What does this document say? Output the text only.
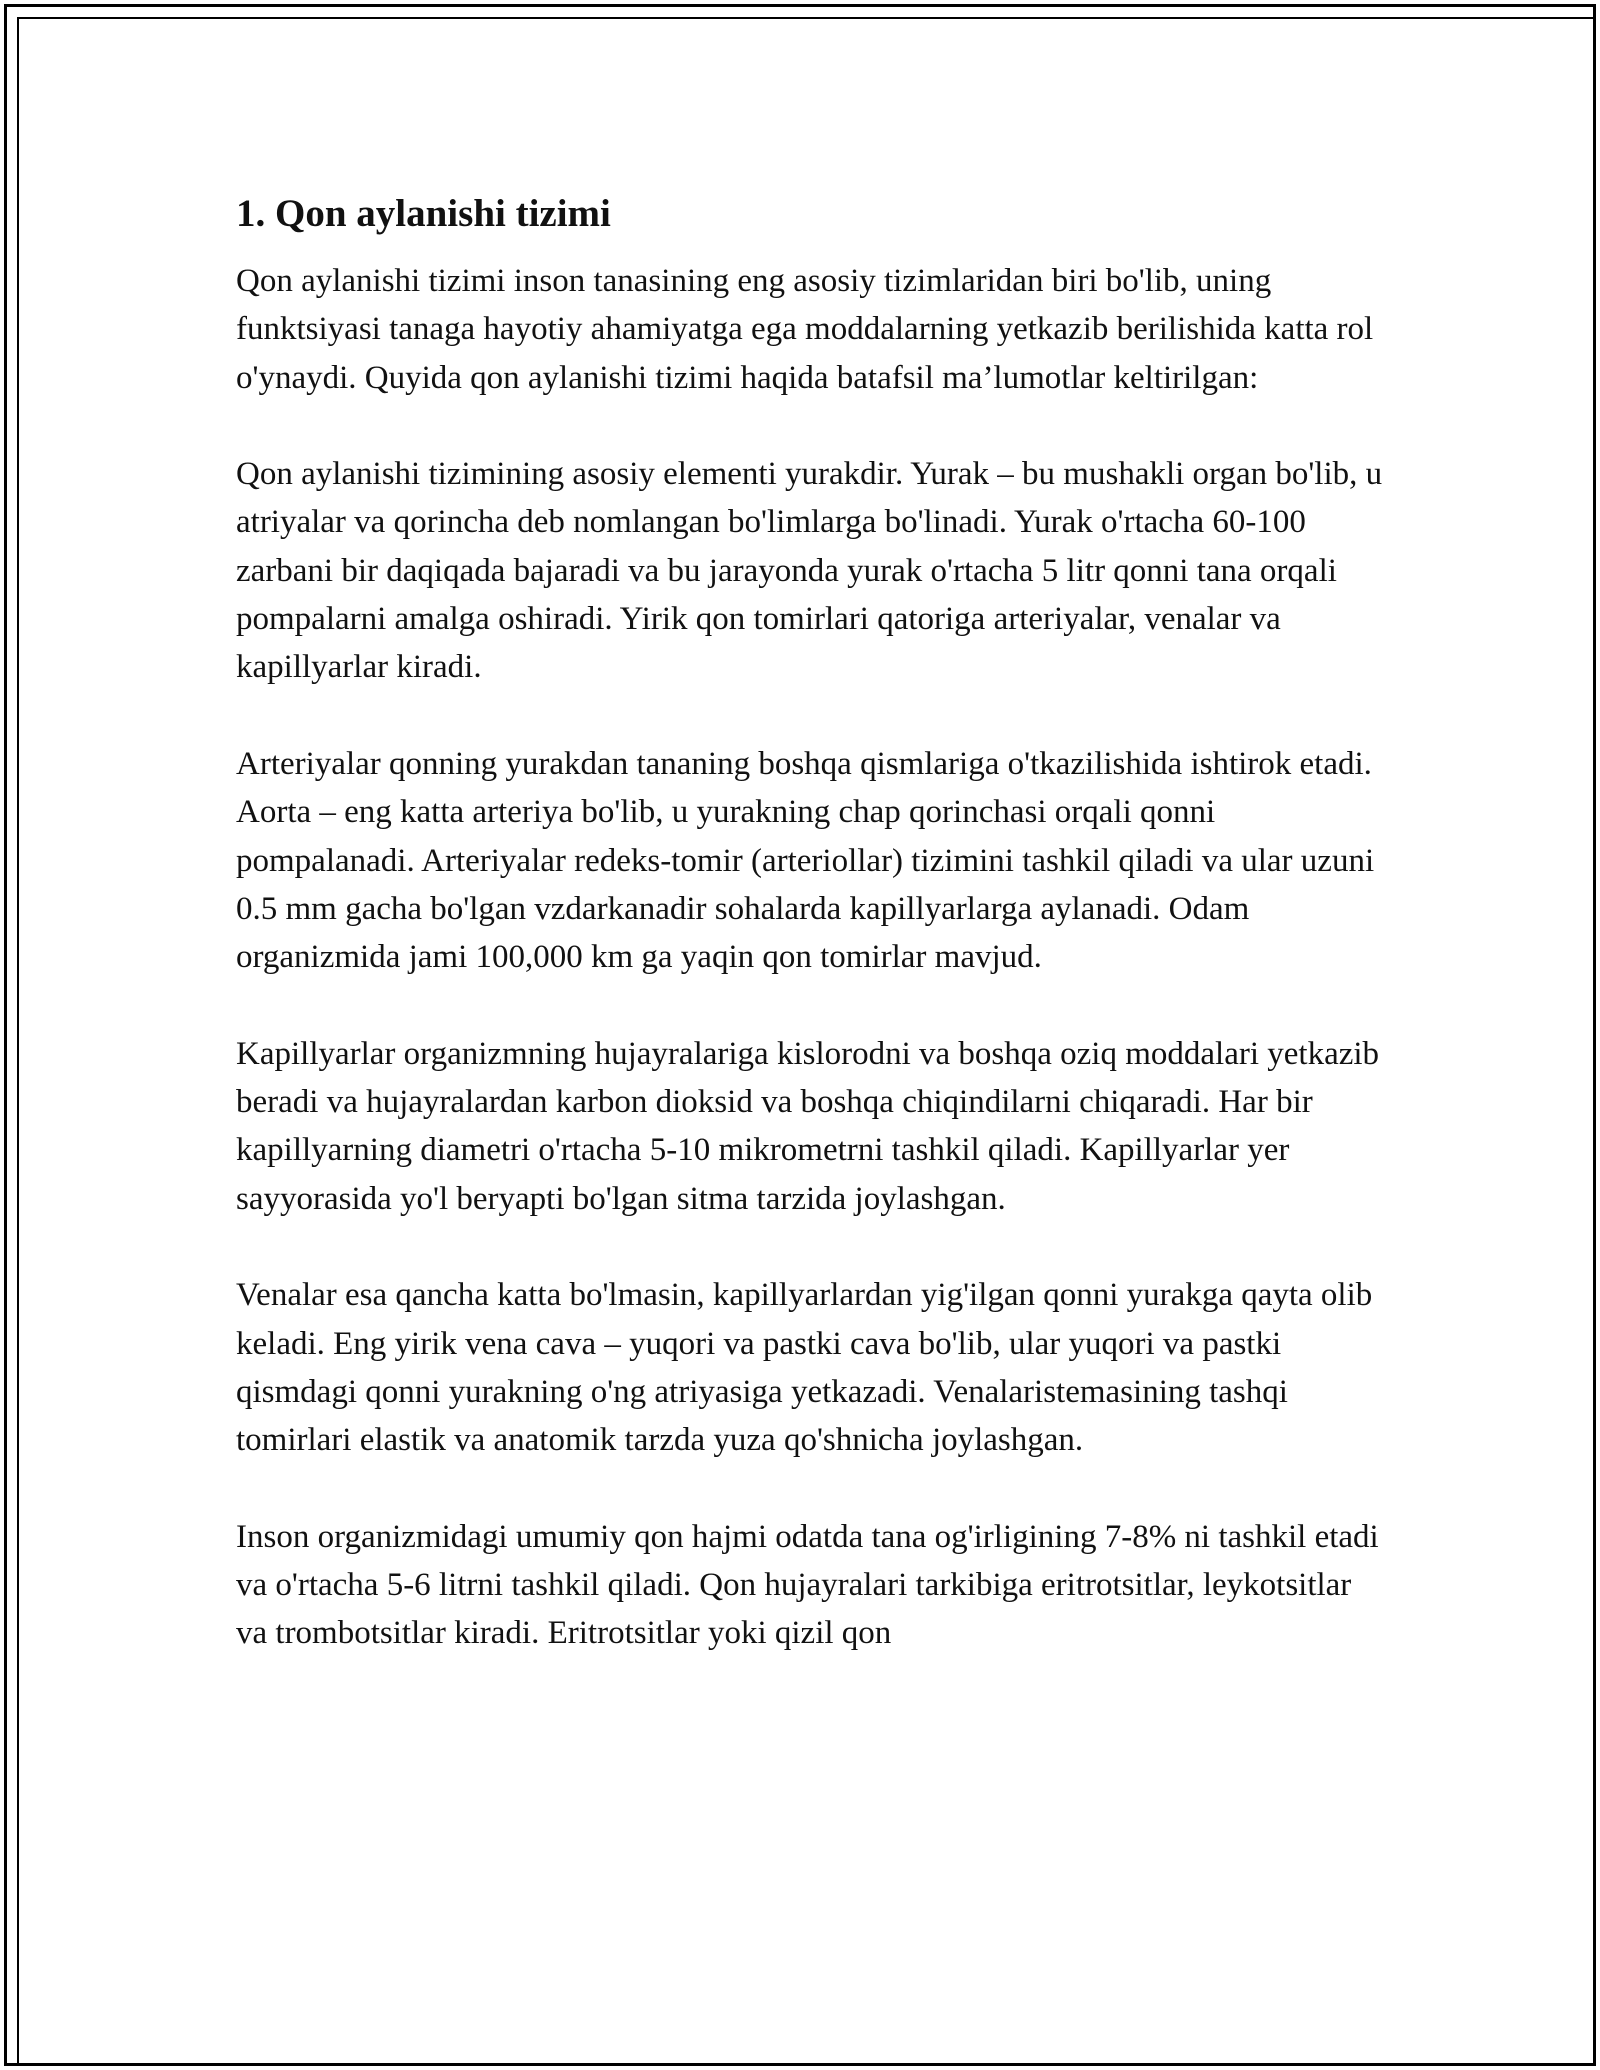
1. Qon aylanishi tizimi

Qon aylanishi tizimi inson tanasining eng asosiy tizimlaridan biri bo'lib, uning funktsiyasi tanaga hayotiy ahamiyatga ega moddalarning yetkazib berilishida katta rol o'ynaydi. Quyida qon aylanishi tizimi haqida batafsil ma’lumotlar keltirilgan:

Qon aylanishi tizimining asosiy elementi yurakdir. Yurak – bu mushakli organ bo'lib, u atriyalar va qorincha deb nomlangan bo'limlarga bo'linadi. Yurak o'rtacha 60-100 zarbani bir daqiqada bajaradi va bu jarayonda yurak o'rtacha 5 litr qonni tana orqali pompalarni amalga oshiradi. Yirik qon tomirlari qatoriga arteriyalar, venalar va kapillyarlar kiradi.

Arteriyalar qonning yurakdan tananing boshqa qismlariga o'tkazilishida ishtirok etadi. Aorta – eng katta arteriya bo'lib, u yurakning chap qorinchasi orqali qonni pompalanadi. Arteriyalar redeks-tomir (arteriollar) tizimini tashkil qiladi va ular uzuni 0.5 mm gacha bo'lgan vzdarkanadir sohalarda kapillyarlarga aylanadi. Odam organizmida jami 100,000 km ga yaqin qon tomirlar mavjud.

Kapillyarlar organizmning hujayralariga kislorodni va boshqa oziq moddalari yetkazib beradi va hujayralardan karbon dioksid va boshqa chiqindilarni chiqaradi. Har bir kapillyarning diametri o'rtacha 5-10 mikrometrni tashkil qiladi. Kapillyarlar yer sayyorasida yo'l beryapti bo'lgan sitma tarzida joylashgan.

Venalar esa qancha katta bo'lmasin, kapillyarlardan yig'ilgan qonni yurakga qayta olib keladi. Eng yirik vena cava – yuqori va pastki cava bo'lib, ular yuqori va pastki qismdagi qonni yurakning o'ng atriyasiga yetkazadi. Venalaristemasining tashqi tomirlari elastik va anatomik tarzda yuza qo'shnicha joylashgan.

Inson organizmidagi umumiy qon hajmi odatda tana og'irligining 7-8% ni tashkil etadi va o'rtacha 5-6 litrni tashkil qiladi. Qon hujayralari tarkibiga eritrotsitlar, leykotsitlar va trombotsitlar kiradi. Eritrotsitlar yoki qizil qon
